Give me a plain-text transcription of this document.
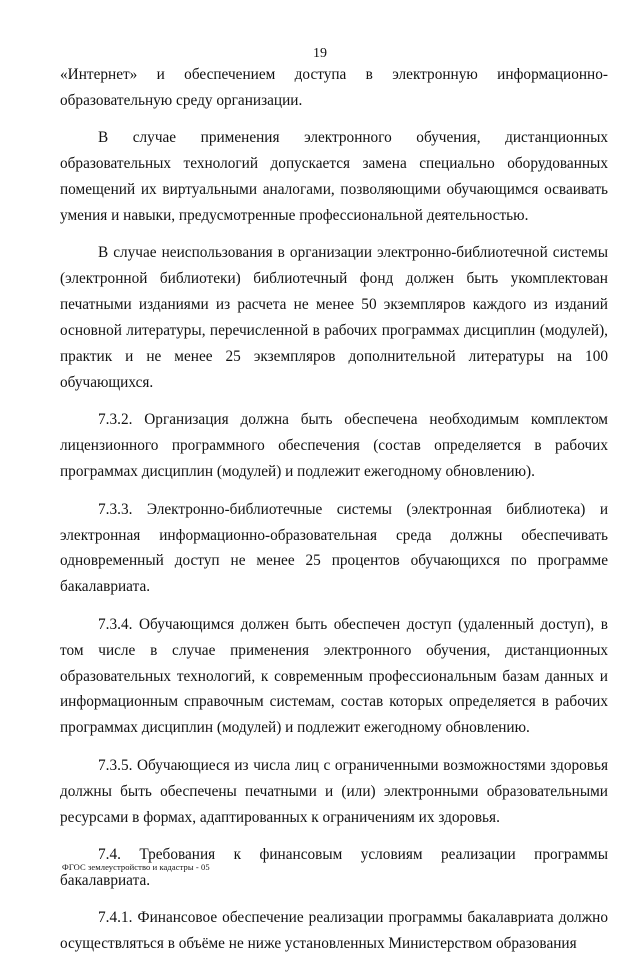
19

«Интернет» и обеспечением доступа в электронную информационно-образовательную среду организации.

В случае применения электронного обучения, дистанционных образовательных технологий допускается замена специально оборудованных помещений их виртуальными аналогами, позволяющими обучающимся осваивать умения и навыки, предусмотренные профессиональной деятельностью.

В случае неиспользования в организации электронно-библиотечной системы (электронной библиотеки) библиотечный фонд должен быть укомплектован печатными изданиями из расчета не менее 50 экземпляров каждого из изданий основной литературы, перечисленной в рабочих программах дисциплин (модулей), практик и не менее 25 экземпляров дополнительной литературы на 100 обучающихся.

7.3.2. Организация должна быть обеспечена необходимым комплектом лицензионного программного обеспечения (состав определяется в рабочих программах дисциплин (модулей) и подлежит ежегодному обновлению).

7.3.3. Электронно-библиотечные системы (электронная библиотека) и электронная информационно-образовательная среда должны обеспечивать одновременный доступ не менее 25 процентов обучающихся по программе бакалавриата.

7.3.4. Обучающимся должен быть обеспечен доступ (удаленный доступ), в том числе в случае применения электронного обучения, дистанционных образовательных технологий, к современным профессиональным базам данных и информационным справочным системам, состав которых определяется в рабочих программах дисциплин (модулей) и подлежит ежегодному обновлению.

7.3.5. Обучающиеся из числа лиц с ограниченными возможностями здоровья должны быть обеспечены печатными и (или) электронными образовательными ресурсами в формах, адаптированных к ограничениям их здоровья.

7.4. Требования к финансовым условиям реализации программы бакалавриата.

7.4.1. Финансовое обеспечение реализации программы бакалавриата должно осуществляться в объёме не ниже установленных Министерством образования

ФГОС землеустройство и кадастры - 05
